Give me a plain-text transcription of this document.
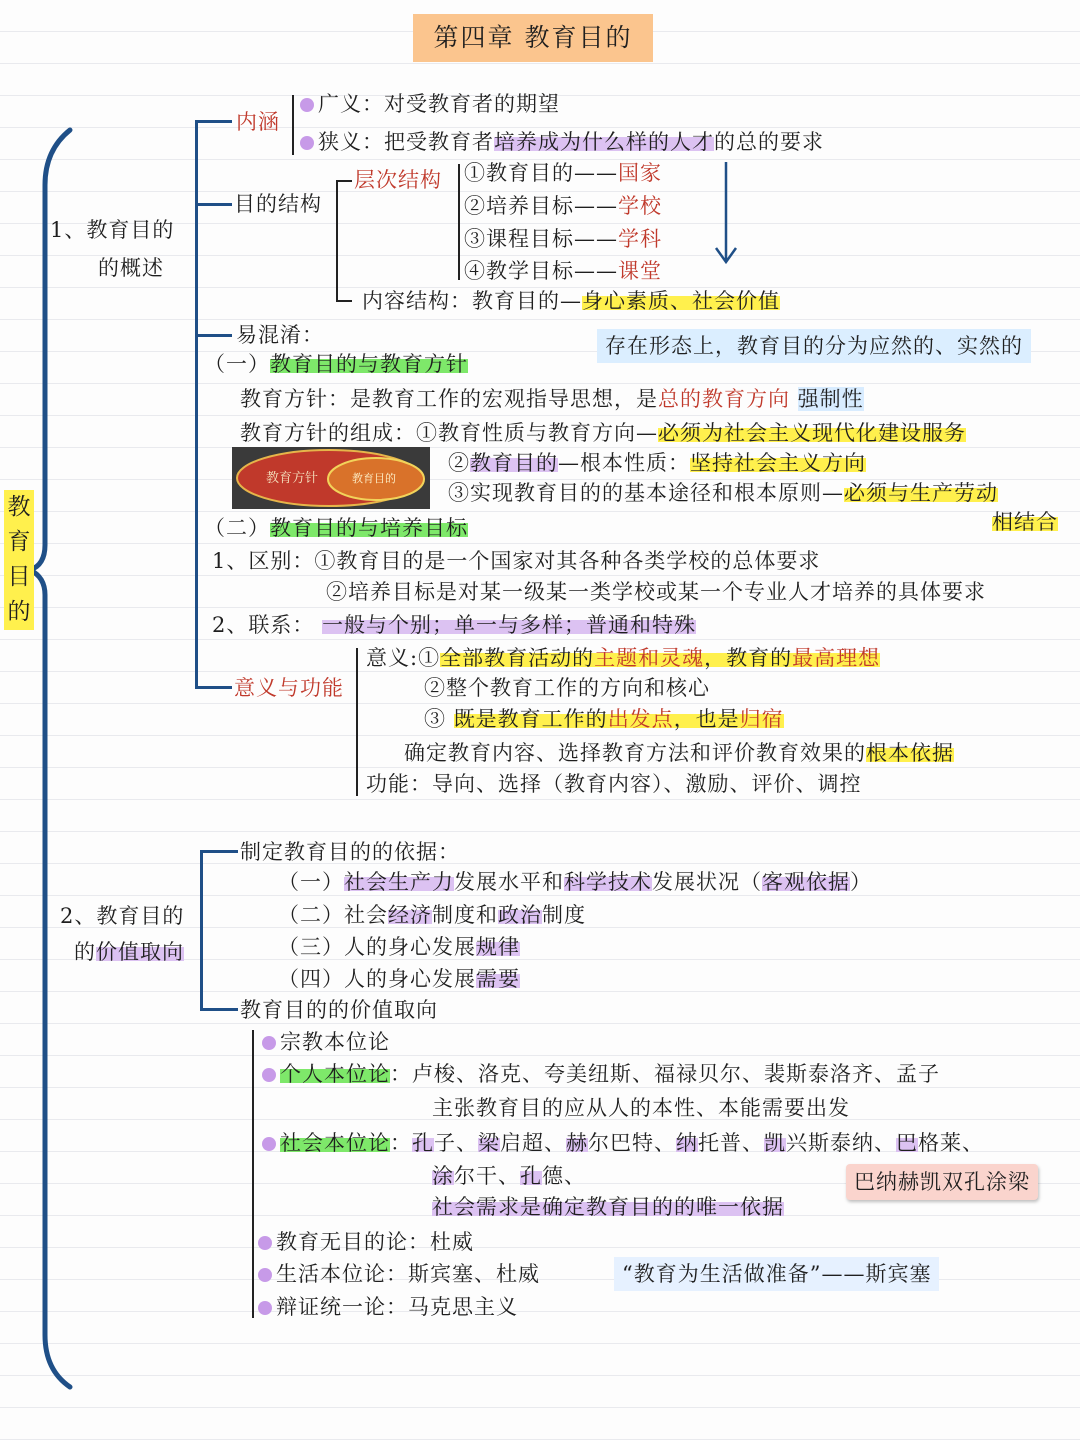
第四章 教育目的
教育目的
1、教育目的
的概述
内涵
广义：对受教育者的期望
狭义：把受教育者培养成为什么样的人才的总的要求
目的结构
层次结构 ①教育目的——国家
②培养目标——学校
③课程目标——学科
④教学目标——课堂
内容结构：教育目的—身心素质、社会价值
易混淆：	存在形态上，教育目的分为应然的、实然的
（一）教育目的与教育方针
教育方针：是教育工作的宏观指导思想，是总的教育方向 强制性
教育方针的组成：①教育性质与教育方向—必须为社会主义现代化建设服务
教育方针	教育目的
②教育目的—根本性质：坚持社会主义方向
③实现教育目的的基本途径和根本原则—必须与生产劳动
相结合
（二）教育目的与培养目标
1、区别：①教育目的是一个国家对其各种各类学校的总体要求
②培养目标是对某一级某一类学校或某一个专业人才培养的具体要求
2、联系： 一般与个别；单一与多样；普通和特殊
意义与功能
意义:①全部教育活动的主题和灵魂，教育的最高理想
②整个教育工作的方向和核心
③ 既是教育工作的出发点，也是归宿
确定教育内容、选择教育方法和评价教育效果的根本依据
功能：导向、选择（教育内容）、激励、评价、调控
2、教育目的
的价值取向
制定教育目的的依据：
（一）社会生产力发展水平和科学技术发展状况（客观依据）
（二）社会经济制度和政治制度
（三）人的身心发展规律
（四）人的身心发展需要
教育目的的价值取向
宗教本位论
个人本位论：卢梭、洛克、夸美纽斯、福禄贝尔、裴斯泰洛齐、孟子
主张教育目的应从人的本性、本能需要出发
社会本位论：孔子、梁启超、赫尔巴特、纳托普、凯兴斯泰纳、巴格莱、
涂尔干、孔德、	巴纳赫凯双孔涂梁
社会需求是确定教育目的的唯一依据
教育无目的论：杜威
生活本位论：斯宾塞、杜威	“教育为生活做准备”——斯宾塞
辩证统一论：马克思主义
